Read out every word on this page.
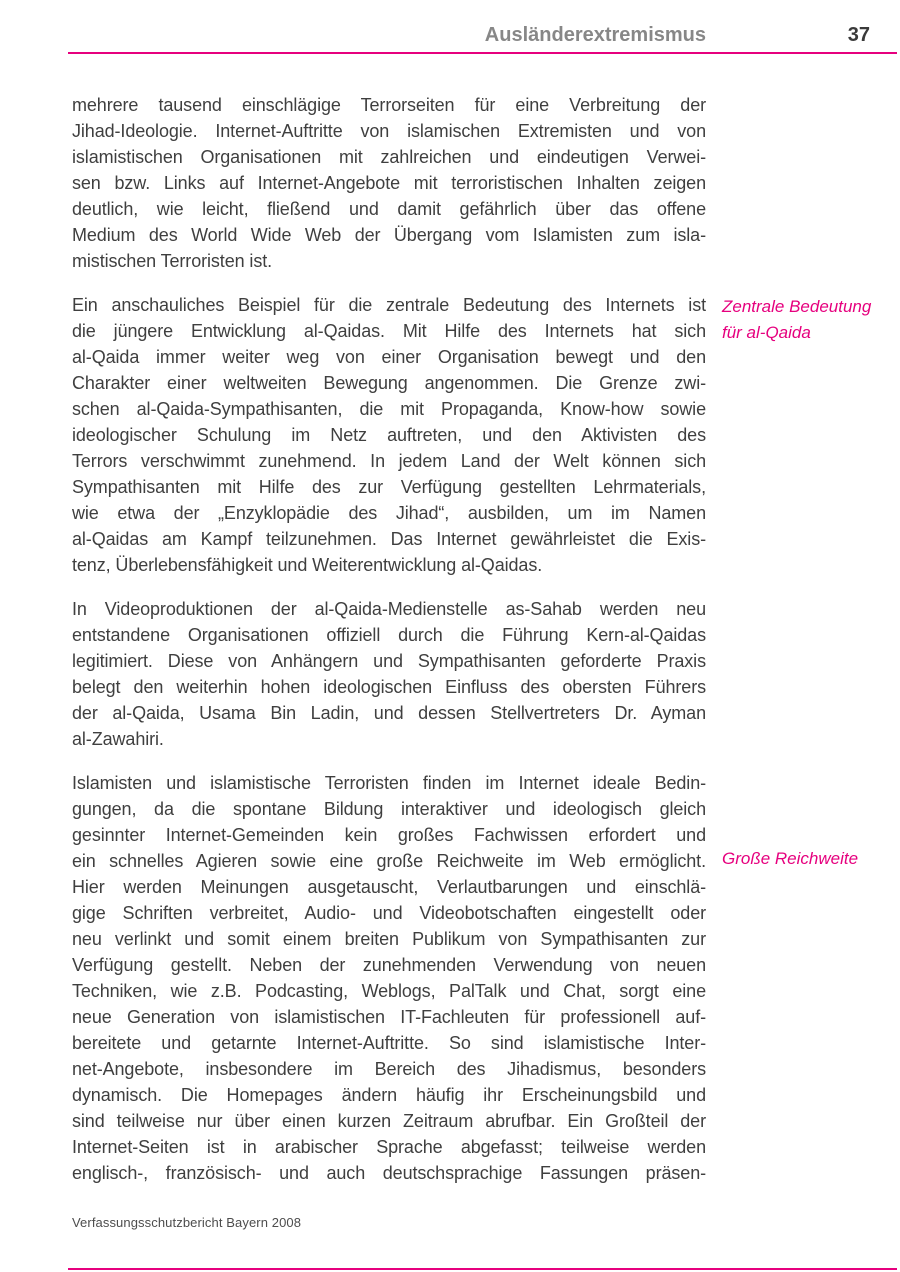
Ausländerextremismus	37
mehrere tausend einschlägige Terrorseiten für eine Verbreitung der
Jihad-Ideologie. Internet-Auftritte von islamischen Extremisten und von
islamistischen Organisationen mit zahlreichen und eindeutigen Verwei-
sen bzw. Links auf Internet-Angebote mit terroristischen Inhalten zeigen
deutlich, wie leicht, fließend und damit gefährlich über das offene
Medium des World Wide Web der Übergang vom Islamisten zum isla-
mistischen Terroristen ist.
Ein anschauliches Beispiel für die zentrale Bedeutung des Internets ist
die jüngere Entwicklung al-Qaidas. Mit Hilfe des Internets hat sich
al-Qaida immer weiter weg von einer Organisation bewegt und den
Charakter einer weltweiten Bewegung angenommen. Die Grenze zwi-
schen al-Qaida-Sympathisanten, die mit Propaganda, Know-how sowie
ideologischer Schulung im Netz auftreten, und den Aktivisten des
Terrors verschwimmt zunehmend. In jedem Land der Welt können sich
Sympathisanten mit Hilfe des zur Verfügung gestellten Lehrmaterials,
wie etwa der „Enzyklopädie des Jihad“, ausbilden, um im Namen
al-Qaidas am Kampf teilzunehmen. Das Internet gewährleistet die Exis-
tenz, Überlebensfähigkeit und Weiterentwicklung al-Qaidas.
In Videoproduktionen der al-Qaida-Medienstelle as-Sahab werden neu
entstandene Organisationen offiziell durch die Führung Kern-al-Qaidas
legitimiert. Diese von Anhängern und Sympathisanten geforderte Praxis
belegt den weiterhin hohen ideologischen Einfluss des obersten Führers
der al-Qaida, Usama Bin Ladin, und dessen Stellvertreters Dr. Ayman
al-Zawahiri.
Islamisten und islamistische Terroristen finden im Internet ideale Bedin-
gungen, da die spontane Bildung interaktiver und ideologisch gleich
gesinnter Internet-Gemeinden kein großes Fachwissen erfordert und
ein schnelles Agieren sowie eine große Reichweite im Web ermöglicht.
Hier werden Meinungen ausgetauscht, Verlautbarungen und einschlä-
gige Schriften verbreitet, Audio- und Videobotschaften eingestellt oder
neu verlinkt und somit einem breiten Publikum von Sympathisanten zur
Verfügung gestellt. Neben der zunehmenden Verwendung von neuen
Techniken, wie z.B. Podcasting, Weblogs, PalTalk und Chat, sorgt eine
neue Generation von islamistischen IT-Fachleuten für professionell auf-
bereitete und getarnte Internet-Auftritte. So sind islamistische Inter-
net-Angebote, insbesondere im Bereich des Jihadismus, besonders
dynamisch. Die Homepages ändern häufig ihr Erscheinungsbild und
sind teilweise nur über einen kurzen Zeitraum abrufbar. Ein Großteil der
Internet-Seiten ist in arabischer Sprache abgefasst; teilweise werden
englisch-, französisch- und auch deutschsprachige Fassungen präsen-
Zentrale Bedeutung für al-Qaida
Große Reichweite
Verfassungsschutzbericht Bayern 2008
